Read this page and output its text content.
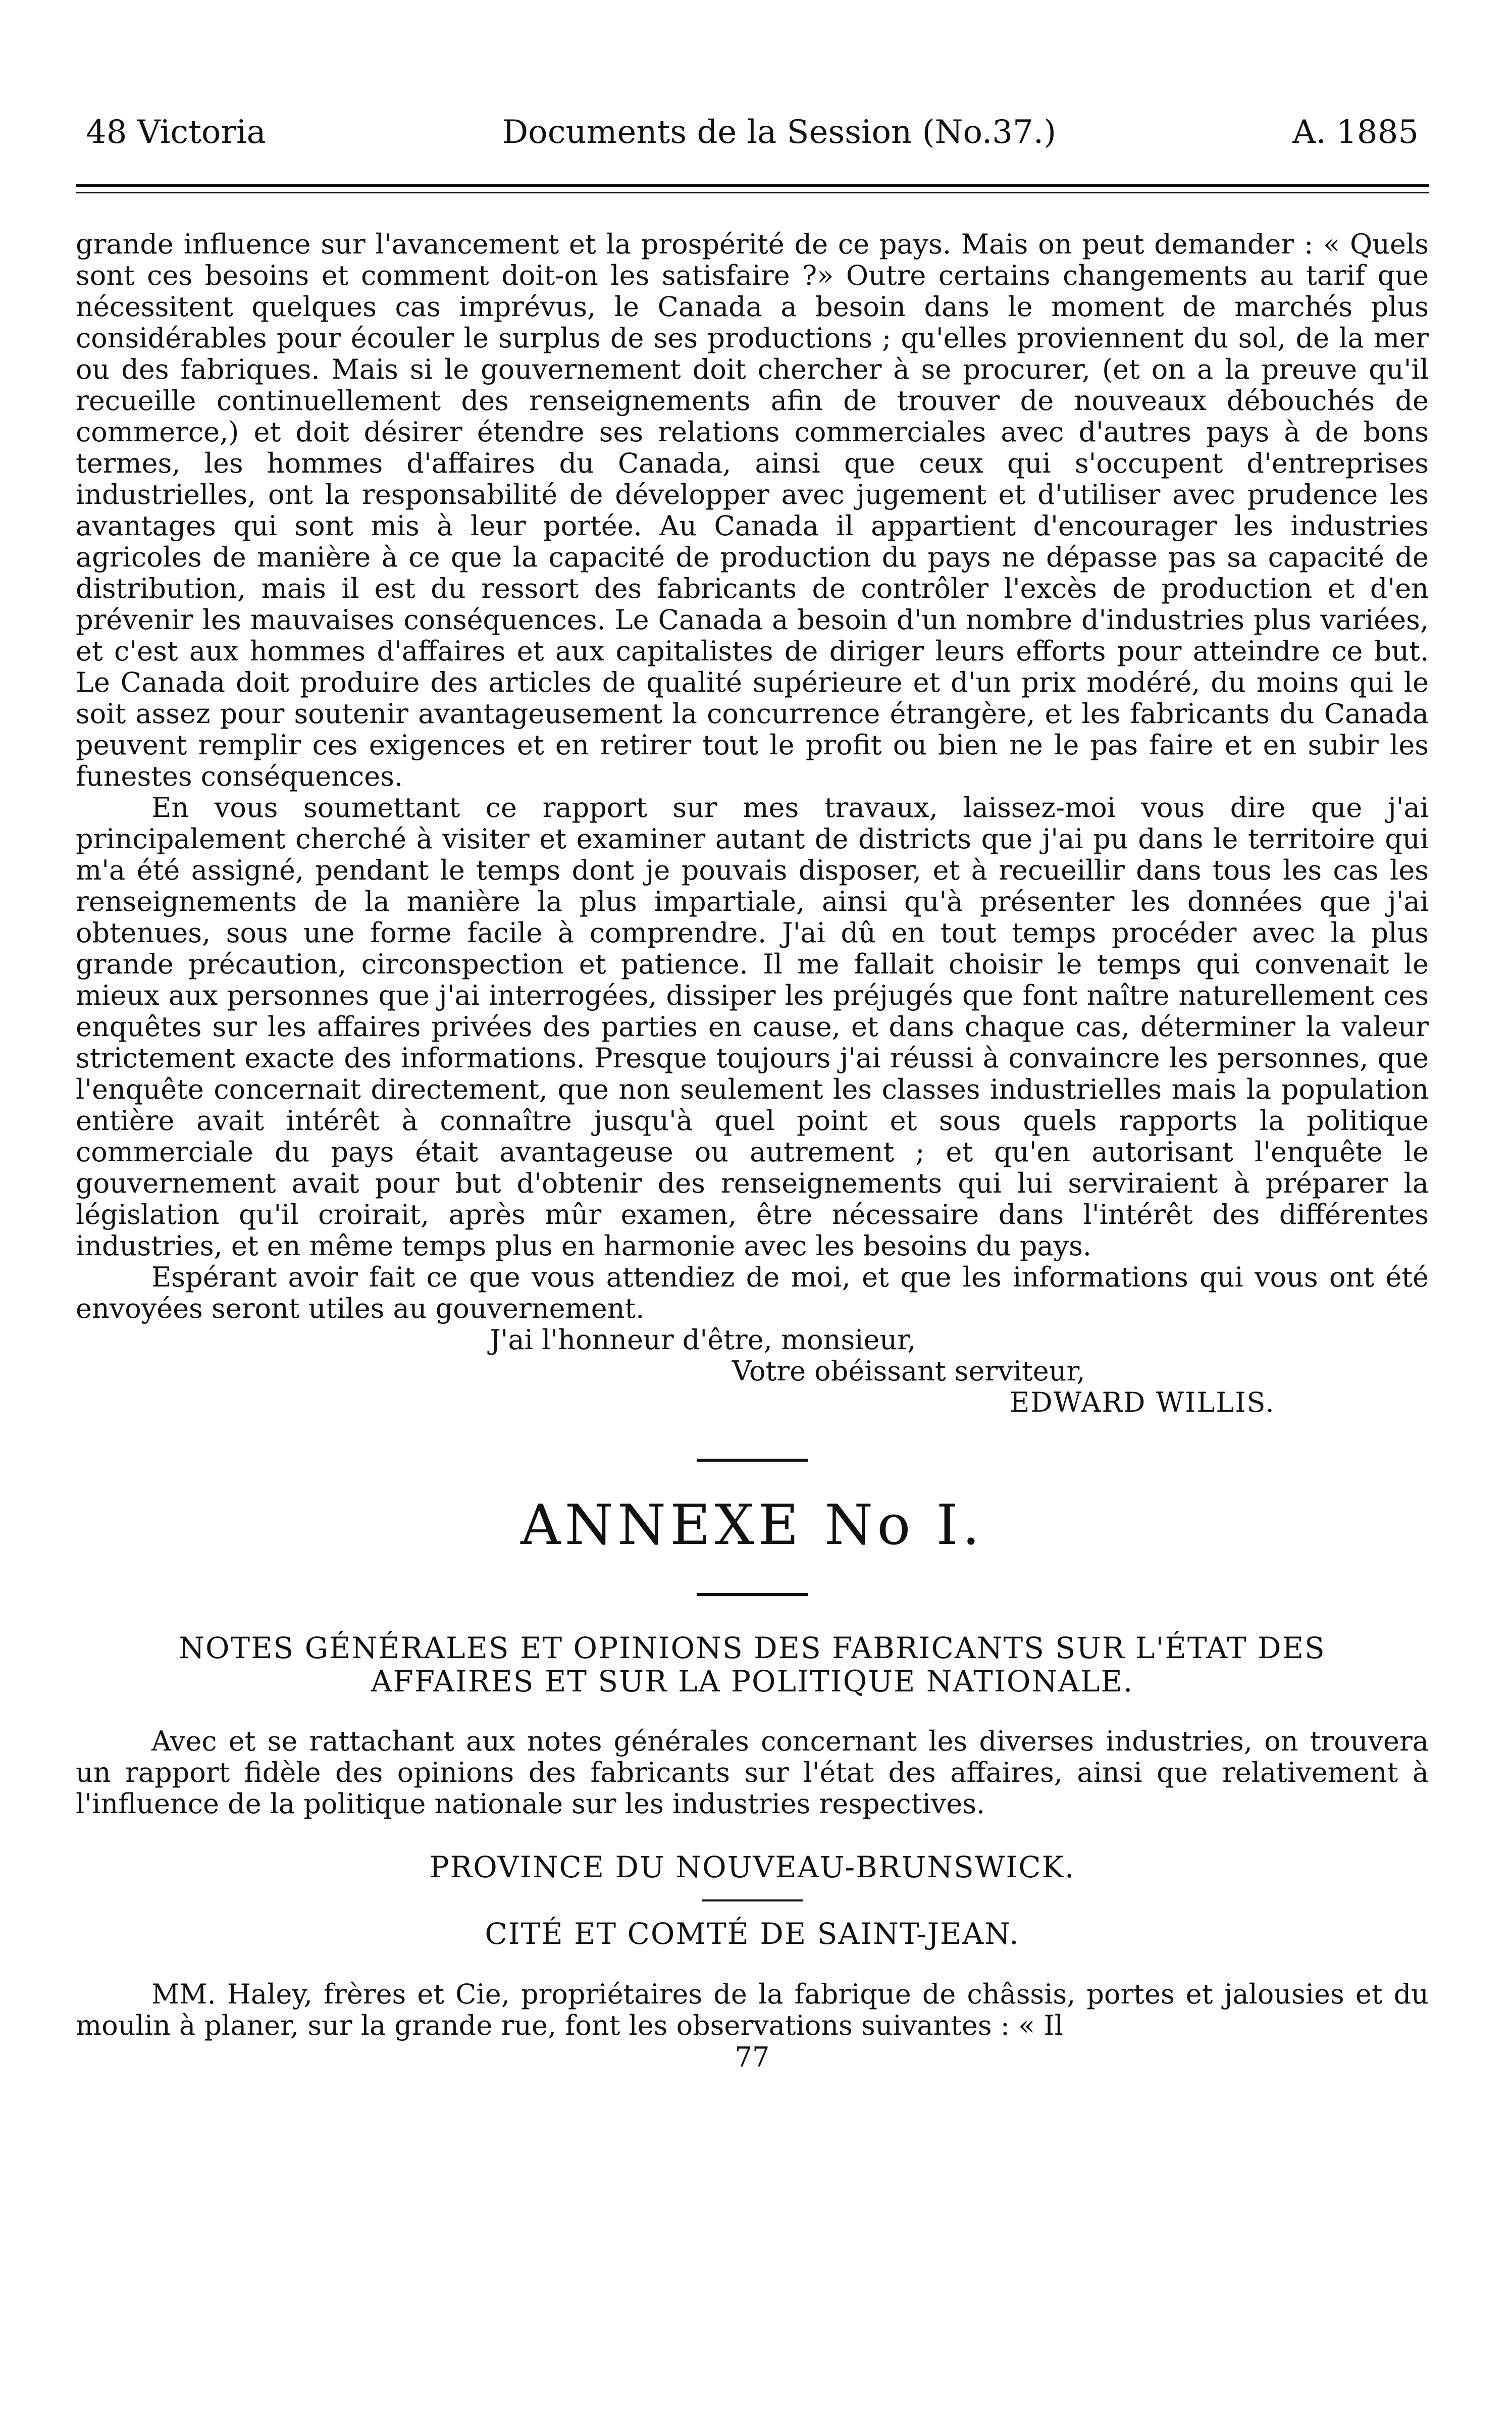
48 Victoria	Documents de la Session (No.37.)	A. 1885

grande influence sur l'avancement et la prospérité de ce pays. Mais on peut demander : « Quels sont ces besoins et comment doit-on les satisfaire ?» Outre certains changements au tarif que nécessitent quelques cas imprévus, le Canada a besoin dans le moment de marchés plus considérables pour écouler le surplus de ses productions ; qu'elles proviennent du sol, de la mer ou des fabriques. Mais si le gouvernement doit chercher à se procurer, (et on a la preuve qu'il recueille continuellement des renseignements afin de trouver de nouveaux débouchés de commerce,) et doit désirer étendre ses relations commerciales avec d'autres pays à de bons termes, les hommes d'affaires du Canada, ainsi que ceux qui s'occupent d'entreprises industrielles, ont la responsabilité de développer avec jugement et d'utiliser avec prudence les avantages qui sont mis à leur portée. Au Canada il appartient d'encourager les industries agricoles de manière à ce que la capacité de production du pays ne dépasse pas sa capacité de distribution, mais il est du ressort des fabricants de contrôler l'excès de production et d'en prévenir les mauvaises conséquences. Le Canada a besoin d'un nombre d'industries plus variées, et c'est aux hommes d'affaires et aux capitalistes de diriger leurs efforts pour atteindre ce but. Le Canada doit produire des articles de qualité supérieure et d'un prix modéré, du moins qui le soit assez pour soutenir avantageusement la concurrence étrangère, et les fabricants du Canada peuvent remplir ces exigences et en retirer tout le profit ou bien ne le pas faire et en subir les funestes conséquences.

En vous soumettant ce rapport sur mes travaux, laissez-moi vous dire que j'ai principalement cherché à visiter et examiner autant de districts que j'ai pu dans le territoire qui m'a été assigné, pendant le temps dont je pouvais disposer, et à recueillir dans tous les cas les renseignements de la manière la plus impartiale, ainsi qu'à présenter les données que j'ai obtenues, sous une forme facile à comprendre. J'ai dû en tout temps procéder avec la plus grande précaution, circonspection et patience. Il me fallait choisir le temps qui convenait le mieux aux personnes que j'ai interrogées, dissiper les préjugés que font naître naturellement ces enquêtes sur les affaires privées des parties en cause, et dans chaque cas, déterminer la valeur strictement exacte des informations. Presque toujours j'ai réussi à convaincre les personnes, que l'enquête concernait directement, que non seulement les classes industrielles mais la population entière avait intérêt à connaître jusqu'à quel point et sous quels rapports la politique commerciale du pays était avantageuse ou autrement ; et qu'en autorisant l'enquête le gouvernement avait pour but d'obtenir des renseignements qui lui serviraient à préparer la législation qu'il croirait, après mûr examen, être nécessaire dans l'intérêt des différentes industries, et en même temps plus en harmonie avec les besoins du pays.

Espérant avoir fait ce que vous attendiez de moi, et que les informations qui vous ont été envoyées seront utiles au gouvernement.

J'ai l'honneur d'être, monsieur,

Votre obéissant serviteur,

EDWARD WILLIS.

ANNEXE No I.

NOTES GÉNÉRALES ET OPINIONS DES FABRICANTS SUR L'ÉTAT DES

AFFAIRES ET SUR LA POLITIQUE NATIONALE.

Avec et se rattachant aux notes générales concernant les diverses industries, on trouvera un rapport fidèle des opinions des fabricants sur l'état des affaires, ainsi que relativement à l'influence de la politique nationale sur les industries respectives.

PROVINCE DU NOUVEAU-BRUNSWICK.
CITÉ ET COMTÉ DE SAINT-JEAN.

MM. Haley, frères et Cie, propriétaires de la fabrique de châssis, portes et jalousies et du moulin à planer, sur la grande rue, font les observations suivantes : « Il

77
